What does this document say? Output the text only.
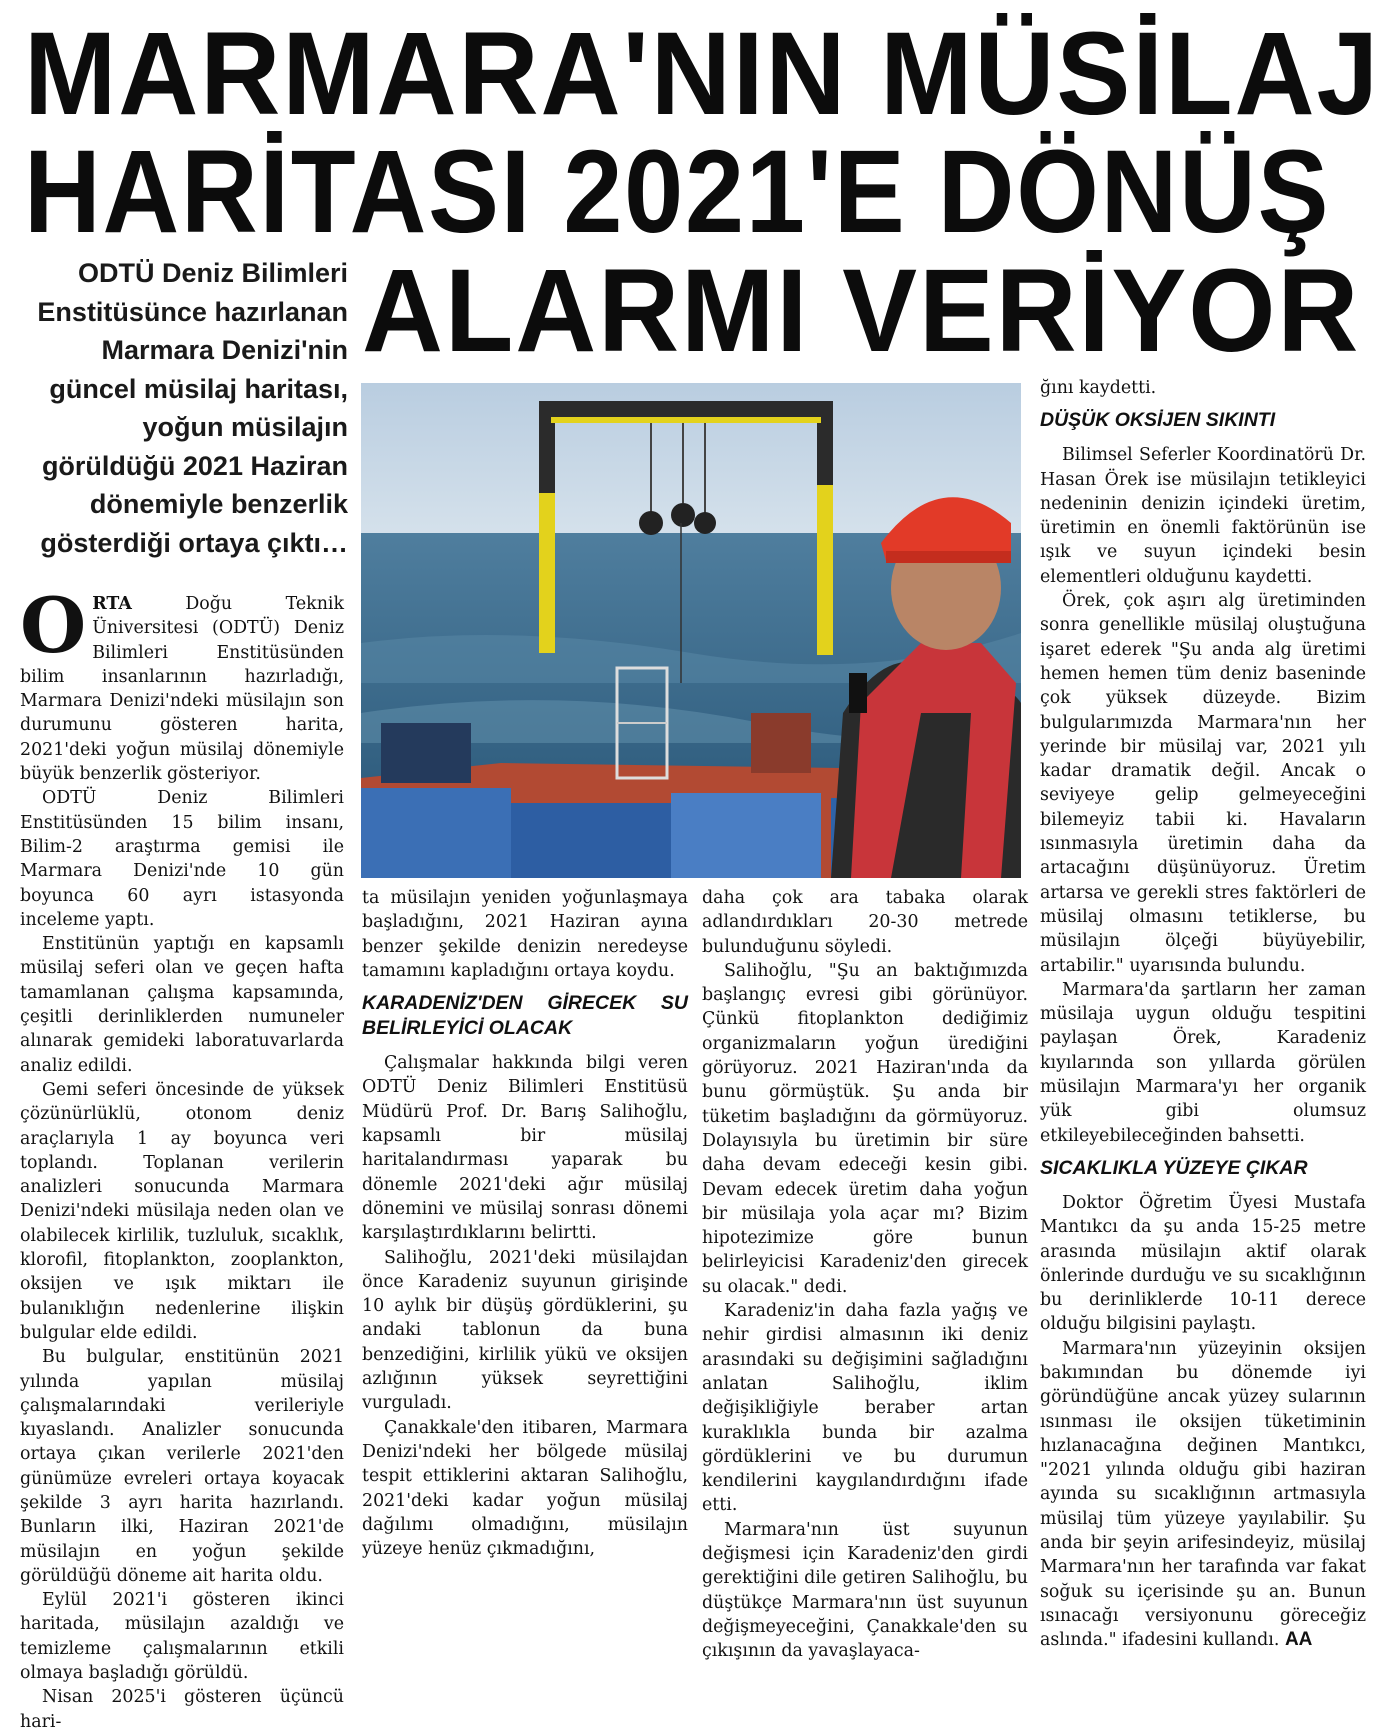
MARMARA'NIN MÜSİLAJ
HARİTASI 2021'E DÖNÜŞ
ALARMI VERİYOR
ODTÜ Deniz Bilimleri Enstitüsünce hazırlanan Marmara Denizi'nin güncel müsilaj haritası, yoğun müsilajın görüldüğü 2021 Haziran dönemiyle benzerlik gösterdiği ortaya çıktı…

ORTA Doğu Teknik Üniversitesi (ODTÜ) Deniz Bilimleri Enstitüsünden bilim insanlarının hazırladığı, Marmara Denizi'ndeki müsilajın son durumunu gösteren harita, 2021'deki yoğun müsilaj dönemiyle büyük benzerlik gösteriyor.

ODTÜ Deniz Bilimleri Enstitüsünden 15 bilim insanı, Bilim-2 araştırma gemisi ile Marmara Denizi'nde 10 gün boyunca 60 ayrı istasyonda inceleme yaptı.

Enstitünün yaptığı en kapsamlı müsilaj seferi olan ve geçen hafta tamamlanan çalışma kapsamında, çeşitli derinliklerden numuneler alınarak gemideki laboratuvarlarda analiz edildi.

Gemi seferi öncesinde de yüksek çözünürlüklü, otonom deniz araçlarıyla 1 ay boyunca veri toplandı. Toplanan verilerin analizleri sonucunda Marmara Denizi'ndeki müsilaja neden olan ve olabilecek kirlilik, tuzluluk, sıcaklık, klorofil, fitoplankton, zooplankton, oksijen ve ışık miktarı ile bulanıklığın nedenlerine ilişkin bulgular elde edildi.

Bu bulgular, enstitünün 2021 yılında yapılan müsilaj çalışmalarındaki verileriyle kıyaslandı. Analizler sonucunda ortaya çıkan verilerle 2021'den günümüze evreleri ortaya koyacak şekilde 3 ayrı harita hazırlandı. Bunların ilki, Haziran 2021'de müsilajın en yoğun şekilde görüldüğü döneme ait harita oldu.

Eylül 2021'i gösteren ikinci haritada, müsilajın azaldığı ve temizleme çalışmalarının etkili olmaya başladığı görüldü.

Nisan 2025'i gösteren üçüncü hari-

ta müsilajın yeniden yoğunlaşmaya başladığını, 2021 Haziran ayına benzer şekilde denizin neredeyse tamamını kapladığını ortaya koydu.

KARADENİZ'DEN GİRECEK SU BELİRLEYİCİ OLACAK

Çalışmalar hakkında bilgi veren ODTÜ Deniz Bilimleri Enstitüsü Müdürü Prof. Dr. Barış Salihoğlu, kapsamlı bir müsilaj haritalandırması yaparak bu dönemle 2021'deki ağır müsilaj dönemini ve müsilaj sonrası dönemi karşılaştırdıklarını belirtti.

Salihoğlu, 2021'deki müsilajdan önce Karadeniz suyunun girişinde 10 aylık bir düşüş gördüklerini, şu andaki tablonun da buna benzediğini, kirlilik yükü ve oksijen azlığının yüksek seyrettiğini vurguladı.

Çanakkale'den itibaren, Marmara Denizi'ndeki her bölgede müsilaj tespit ettiklerini aktaran Salihoğlu, 2021'deki kadar yoğun müsilaj dağılımı olmadığını, müsilajın yüzeye henüz çıkmadığını,

daha çok ara tabaka olarak adlandırdıkları 20-30 metrede bulunduğunu söyledi.

Salihoğlu, "Şu an baktığımızda başlangıç evresi gibi görünüyor. Çünkü fitoplankton dediğimiz organizmaların yoğun ürediğini görüyoruz. 2021 Haziran'ında da bunu görmüştük. Şu anda bir tüketim başladığını da görmüyoruz. Dolayısıyla bu üretimin bir süre daha devam edeceği kesin gibi. Devam edecek üretim daha yoğun bir müsilaja yola açar mı? Bizim hipotezimize göre bunun belirleyicisi Karadeniz'den girecek su olacak." dedi.

Karadeniz'in daha fazla yağış ve nehir girdisi almasının iki deniz arasındaki su değişimini sağladığını anlatan Salihoğlu, iklim değişikliğiyle beraber artan kuraklıkla bunda bir azalma gördüklerini ve bu durumun kendilerini kaygılandırdığını ifade etti.

Marmara'nın üst suyunun değişmesi için Karadeniz'den girdi gerektiğini dile getiren Salihoğlu, bu düştükçe Marmara'nın üst suyunun değişmeyeceğini, Çanakkale'den su çıkışının da yavaşlayaca-

ğını kaydetti.

DÜŞÜK OKSİJEN SIKINTI

Bilimsel Seferler Koordinatörü Dr. Hasan Örek ise müsilajın tetikleyici nedeninin denizin içindeki üretim, üretimin en önemli faktörünün ise ışık ve suyun içindeki besin elementleri olduğunu kaydetti.

Örek, çok aşırı alg üretiminden sonra genellikle müsilaj oluştuğuna işaret ederek "Şu anda alg üretimi hemen hemen tüm deniz baseninde çok yüksek düzeyde. Bizim bulgularımızda Marmara'nın her yerinde bir müsilaj var, 2021 yılı kadar dramatik değil. Ancak o seviyeye gelip gelmeyeceğini bilemeyiz tabii ki. Havaların ısınmasıyla üretimin daha da artacağını düşünüyoruz. Üretim artarsa ve gerekli stres faktörleri de müsilaj olmasını tetiklerse, bu müsilajın ölçeği büyüyebilir, artabilir." uyarısında bulundu.

Marmara'da şartların her zaman müsilaja uygun olduğu tespitini paylaşan Örek, Karadeniz kıyılarında son yıllarda görülen müsilajın Marmara'yı her organik yük gibi olumsuz etkileyebileceğinden bahsetti.

SICAKLIKLA YÜZEYE ÇIKAR

Doktor Öğretim Üyesi Mustafa Mantıkcı da şu anda 15-25 metre arasında müsilajın aktif olarak önlerinde durduğu ve su sıcaklığının bu derinliklerde 10-11 derece olduğu bilgisini paylaştı.

Marmara'nın yüzeyinin oksijen bakımından bu dönemde iyi göründüğüne ancak yüzey sularının ısınması ile oksijen tüketiminin hızlanacağına değinen Mantıkcı, "2021 yılında olduğu gibi haziran ayında su sıcaklığının artmasıyla müsilaj tüm yüzeye yayılabilir. Şu anda bir şeyin arifesindeyiz, müsilaj Marmara'nın her tarafında var fakat soğuk su içerisinde şu an. Bunun ısınacağı versiyonunu göreceğiz aslında." ifadesini kullandı. AA
